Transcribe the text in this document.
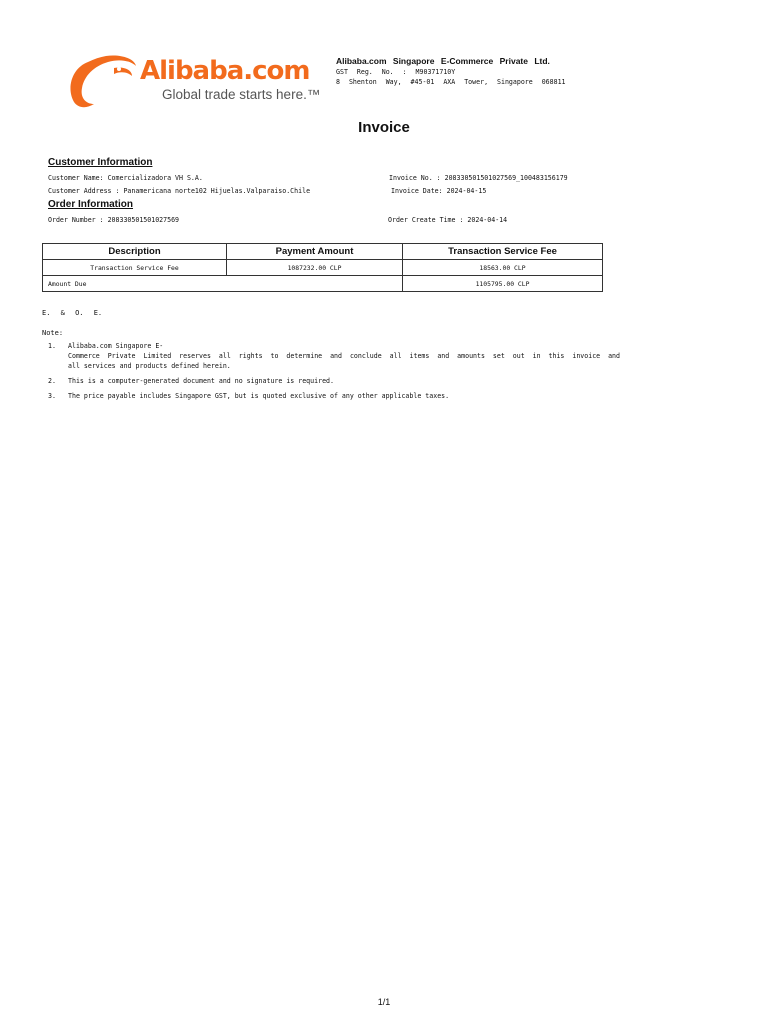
Alibaba.com
Global trade starts here.™
Alibaba.com Singapore E-Commerce Private Ltd.
GST Reg. No. : M90371710Y
8 Shenton Way, #45-01 AXA Tower, Singapore 068811
Invoice
Customer Information
Customer Name: Comercializadora VH S.A.	Invoice No. : 208330501501027569_100483156179
Customer Address : Panamericana norte102 Hijuelas.Valparaiso.Chile	Invoice Date: 2024-04-15
Order Information
Order Number : 208330501501027569	Order Create Time : 2024-04-14
Description	Payment Amount	Transaction Service Fee
Transaction Service Fee	1087232.00 CLP	18563.00 CLP
Amount Due		1105795.00 CLP
E. & O. E.
Note:
1. Alibaba.com Singapore E-
Commerce Private Limited reserves all rights to determine and conclude all items and amounts set out in this invoice and
all services and products defined herein.
2. This is a computer-generated document and no signature is required.
3. The price payable includes Singapore GST, but is quoted exclusive of any other applicable taxes.
1/1
